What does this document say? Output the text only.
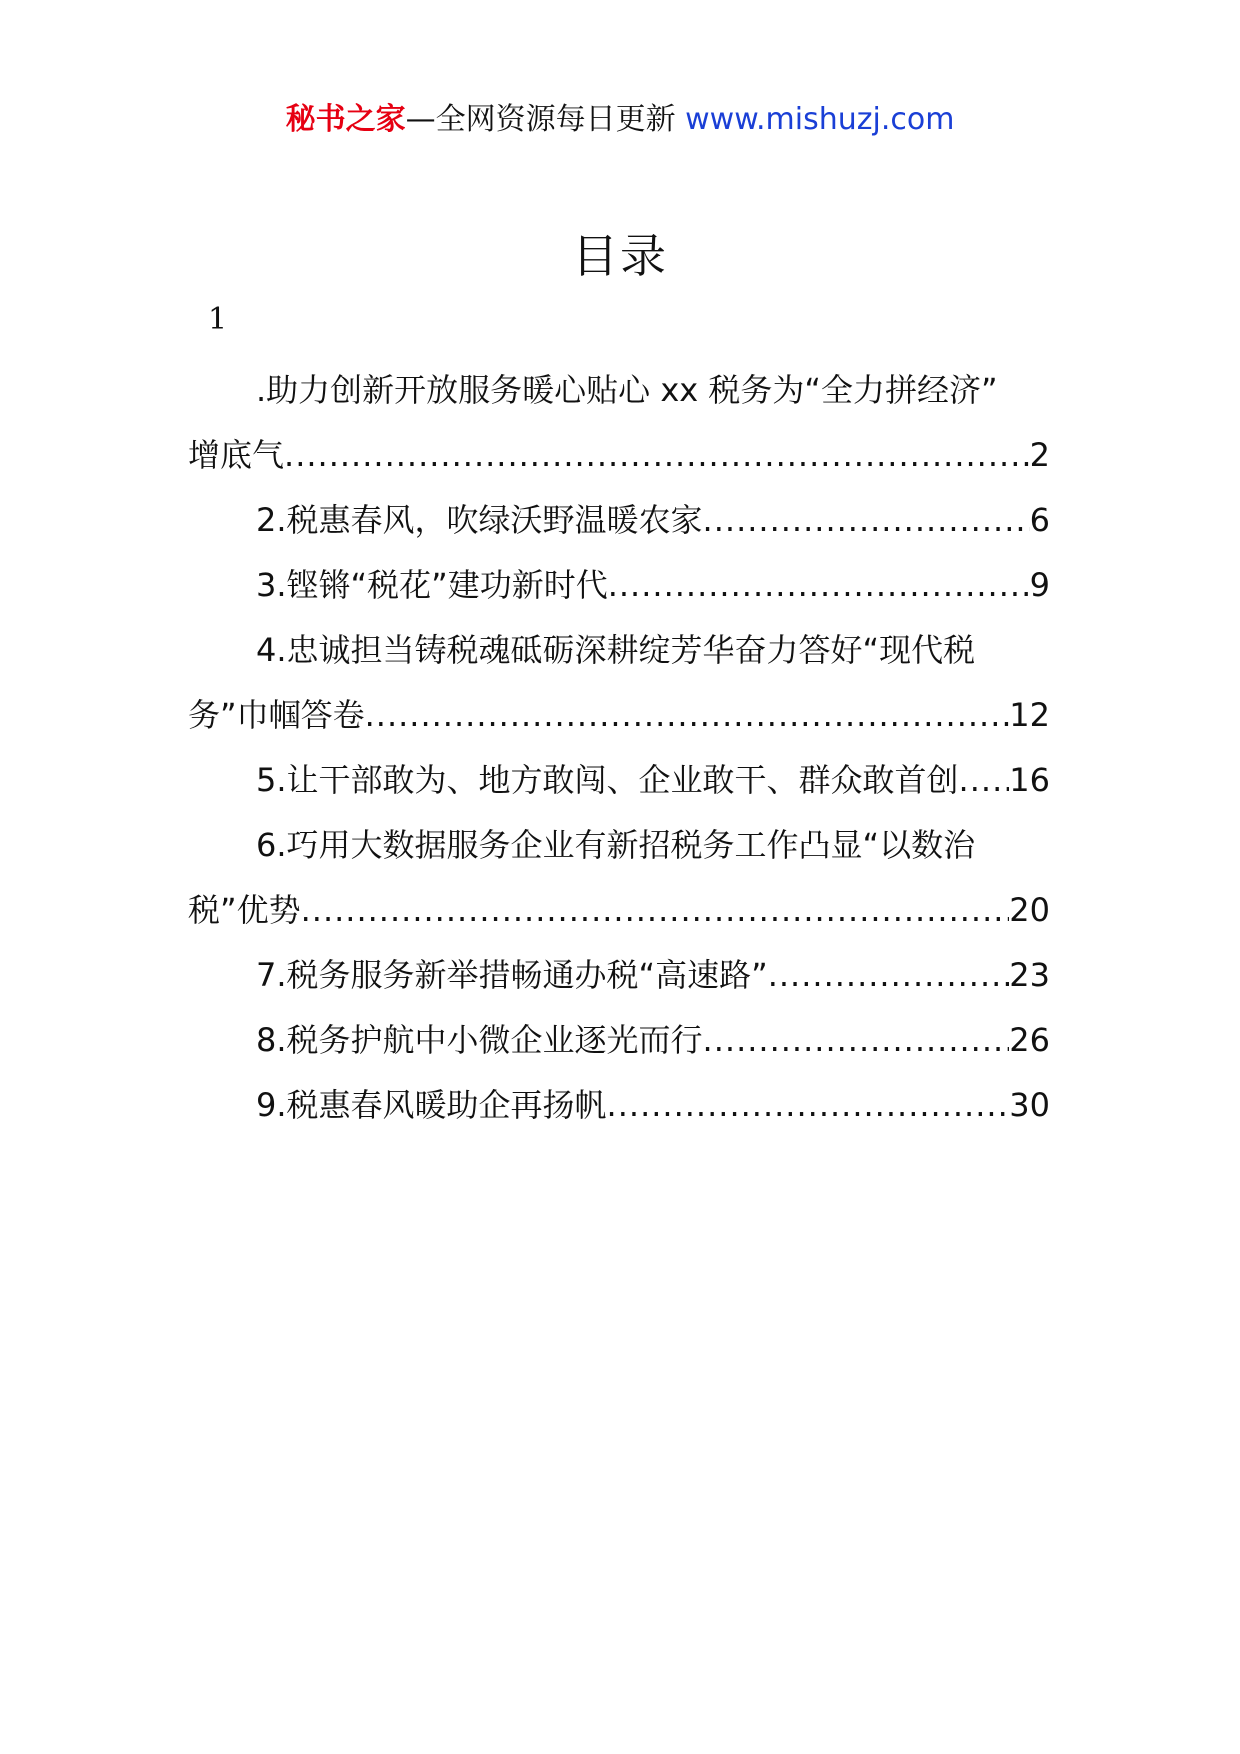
秘书之家—全网资源每日更新 www.mishuzj.com
目录
1
.助力创新开放服务暖心贴心 xx 税务为“全力拼经济”
增底气 .....	2
2.税惠春风，吹绿沃野温暖农家 .....	6
3.铿锵“税花”建功新时代 .....	9
4.忠诚担当铸税魂砥砺深耕绽芳华奋力答好“现代税
务”巾帼答卷 .....	12
5.让干部敢为、地方敢闯、企业敢干、群众敢首创 ..... 16
6.巧用大数据服务企业有新招税务工作凸显“以数治
税”优势 .....	20
7.税务服务新举措畅通办税“高速路” .....	23
8.税务护航中小微企业逐光而行 .....	26
9.税惠春风暖助企再扬帆 .....	30
